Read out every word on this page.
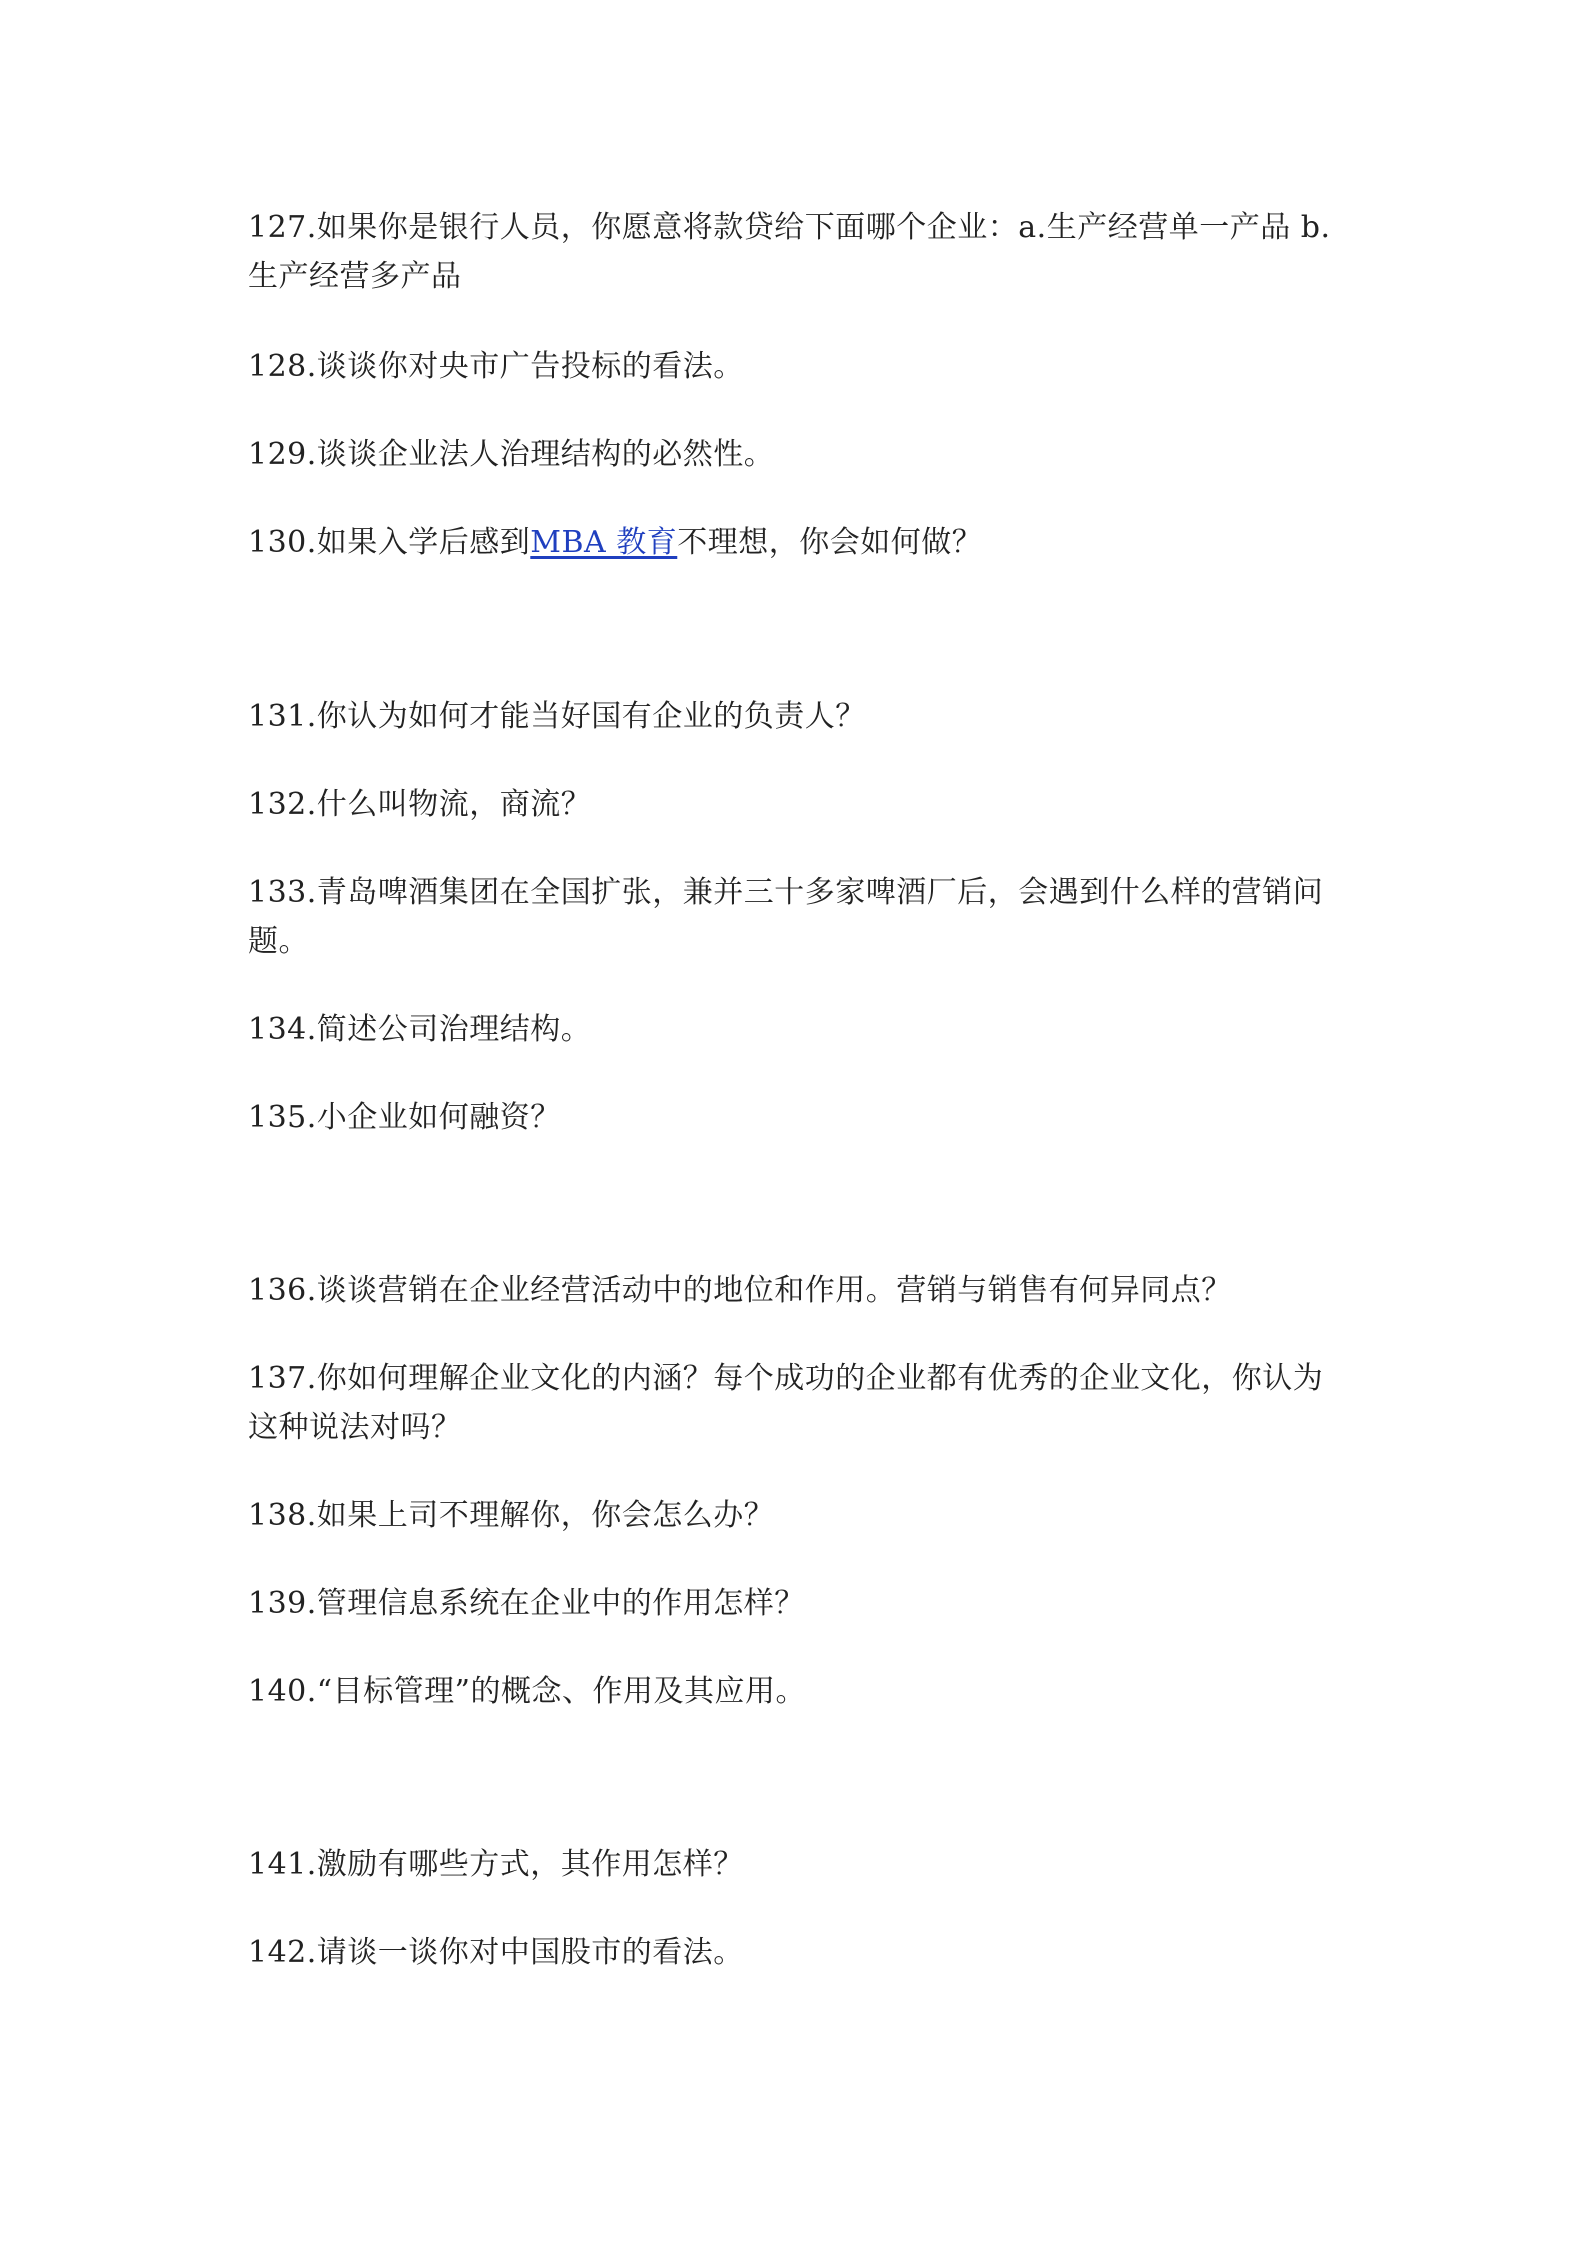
127.如果你是银行人员，你愿意将款贷给下面哪个企业：a.生产经营单一产品 b.
生产经营多产品
128.谈谈你对央市广告投标的看法。
129.谈谈企业法人治理结构的必然性。
130.如果入学后感到MBA 教育不理想，你会如何做？
131.你认为如何才能当好国有企业的负责人？
132.什么叫物流，商流？
133.青岛啤酒集团在全国扩张，兼并三十多家啤酒厂后，会遇到什么样的营销问
题。
134.简述公司治理结构。
135.小企业如何融资？
136.谈谈营销在企业经营活动中的地位和作用。营销与销售有何异同点？
137.你如何理解企业文化的内涵？每个成功的企业都有优秀的企业文化，你认为
这种说法对吗？
138.如果上司不理解你，你会怎么办？
139.管理信息系统在企业中的作用怎样？
140.“目标管理”的概念、作用及其应用。
141.激励有哪些方式，其作用怎样？
142.请谈一谈你对中国股市的看法。
